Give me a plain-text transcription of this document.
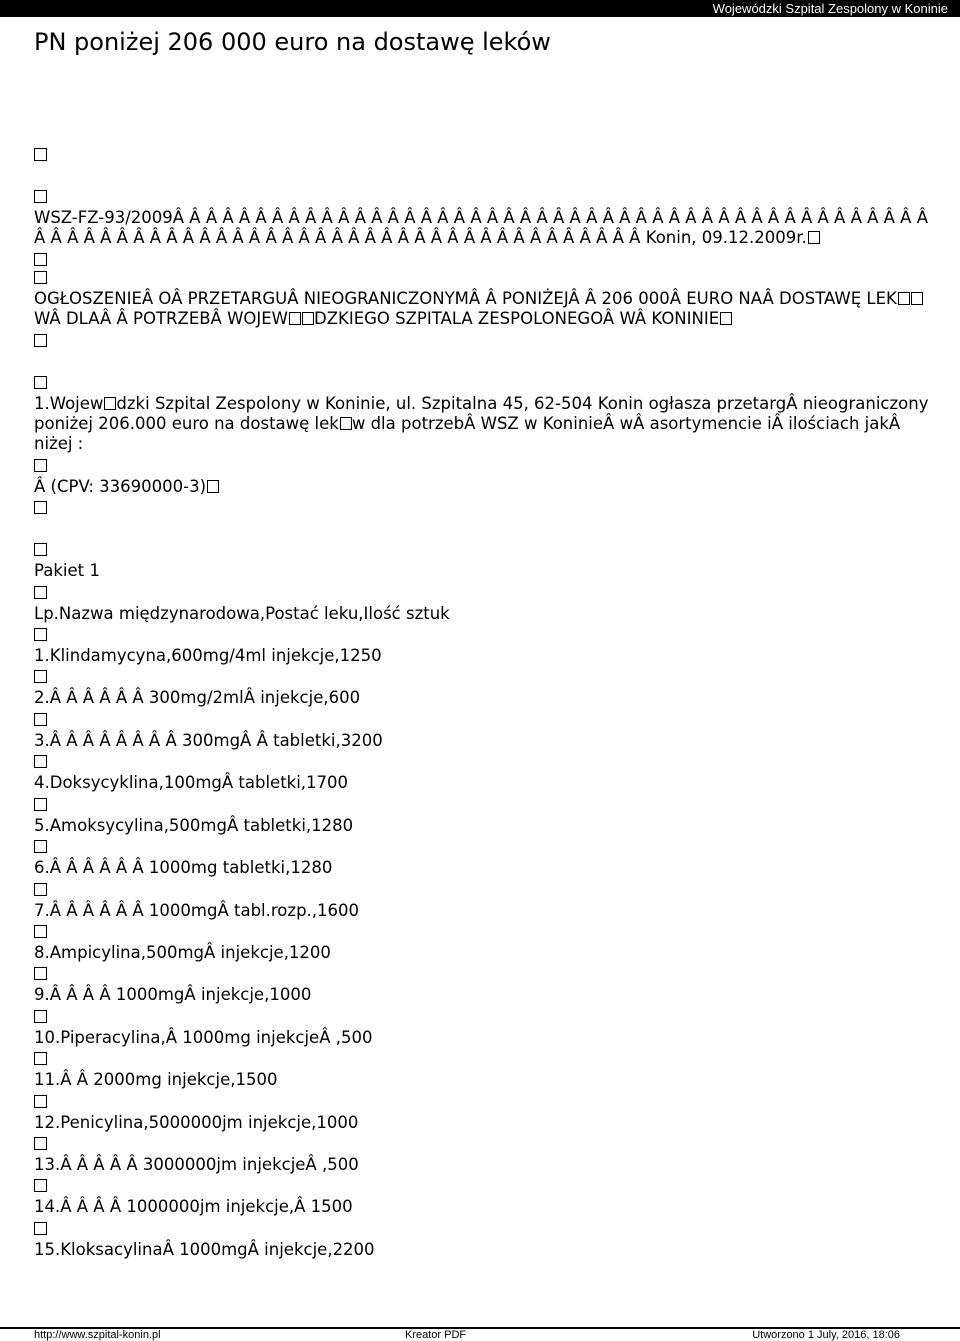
Wojewódzki Szpital Zespolony w Koninie
PN poniżej 206 000 euro na dostawę leków
WSZ-FZ-93/2009Â Â Â Â Â Â Â Â Â Â Â Â Â Â Â Â Â Â Â Â Â Â Â Â Â Â Â Â Â Â Â Â Â Â Â Â Â Â Â Â Â Â Â Â Â Â Â Â Â Â Â Â Â Â Â Â Â Â Â Â Â Â Â Â Â Â Â Â Â Â Â Â Â Â Â Â Â Â Â Â Â Â Â Konin, 09.12.2009r.
OGŁOSZENIEÂ OÂ PRZETARGUÂ NIEOGRANICZONYMÂ Â PONIŻEJÂ Â 206 000Â EURO NAÂ DOSTAWĘ LEKWÂ DLAÂ Â POTRZEBÂ WOJEW DZKIEGO SZPITALA ZESPOLONEGOÂ WÂ KONINIE
1.Wojew dzki Szpital Zespolony w Koninie, ul. Szpitalna 45, 62-504 Konin ogłasza przetargÂ nieograniczony poniżej 206.000 euro na dostawę lek w dla potrzebÂ WSZ w KoninieÂ wÂ asortymencie iÂ ilościach jakÂ niżej :
Â (CPV: 33690000-3)
Pakiet 1
Lp.Nazwa międzynarodowa,Postać leku,Ilość sztuk
1.Klindamycyna,600mg/4ml injekcje,1250
2.Â Â Â Â Â Â 300mg/2mlÂ injekcje,600
3.Â Â Â Â Â Â Â Â 300mgÂ Â tabletki,3200
4.Doksycyklina,100mgÂ tabletki,1700
5.Amoksycylina,500mgÂ tabletki,1280
6.Â Â Â Â Â Â 1000mg tabletki,1280
7.Â Â Â Â Â Â 1000mgÂ tabl.rozp.,1600
8.Ampicylina,500mgÂ injekcje,1200
9.Â Â Â Â 1000mgÂ injekcje,1000
10.Piperacylina,Â 1000mg injekcjeÂ ,500
11.Â Â 2000mg injekcje,1500
12.Penicylina,5000000jm injekcje,1000
13.Â Â Â Â Â 3000000jm injekcjeÂ ,500
14.Â Â Â Â 1000000jm injekcje,Â 1500
15.KloksacylinaÂ 1000mgÂ injekcje,2200
http://www.szpital-konin.pl	Kreator PDF	Utworzono 1 July, 2016, 18:06
